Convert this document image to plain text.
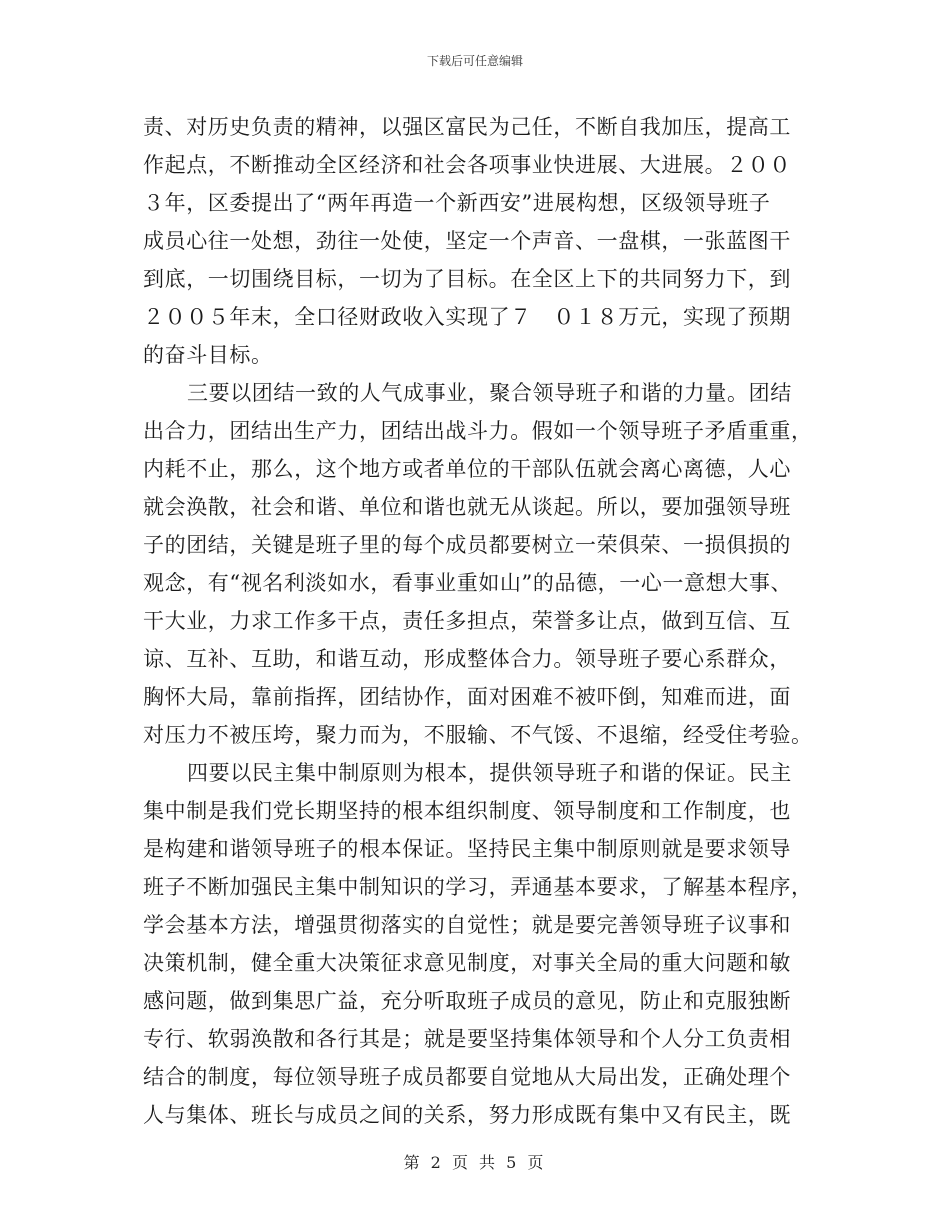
下载后可任意编辑
责、对历史负责的精神，以强区富民为己任，不断自我加压，提高工
作起点，不断推动全区经济和社会各项事业快进展、大进展。２００
３年，区委提出了“两年再造一个新西安”进展构想，区级领导班子
成员心往一处想，劲往一处使，坚定一个声音、一盘棋，一张蓝图干
到底，一切围绕目标，一切为了目标。在全区上下的共同努力下，到
２００５年末，全口径财政收入实现了７　０１８万元，实现了预期
的奋斗目标。
三要以团结一致的人气成事业，聚合领导班子和谐的力量。团结
出合力，团结出生产力，团结出战斗力。假如一个领导班子矛盾重重，
内耗不止，那么，这个地方或者单位的干部队伍就会离心离德，人心
就会涣散，社会和谐、单位和谐也就无从谈起。所以，要加强领导班
子的团结，关键是班子里的每个成员都要树立一荣俱荣、一损俱损的
观念，有“视名利淡如水，看事业重如山”的品德，一心一意想大事、
干大业，力求工作多干点，责任多担点，荣誉多让点，做到互信、互
谅、互补、互助，和谐互动，形成整体合力。领导班子要心系群众，
胸怀大局，靠前指挥，团结协作，面对困难不被吓倒，知难而进，面
对压力不被压垮，聚力而为，不服输、不气馁、不退缩，经受住考验。
四要以民主集中制原则为根本，提供领导班子和谐的保证。民主
集中制是我们党长期坚持的根本组织制度、领导制度和工作制度，也
是构建和谐领导班子的根本保证。坚持民主集中制原则就是要求领导
班子不断加强民主集中制知识的学习，弄通基本要求，了解基本程序，
学会基本方法，增强贯彻落实的自觉性；就是要完善领导班子议事和
决策机制，健全重大决策征求意见制度，对事关全局的重大问题和敏
感问题，做到集思广益，充分听取班子成员的意见，防止和克服独断
专行、软弱涣散和各行其是；就是要坚持集体领导和个人分工负责相
结合的制度，每位领导班子成员都要自觉地从大局出发，正确处理个
人与集体、班长与成员之间的关系，努力形成既有集中又有民主，既
第 2 页 共 5 页
